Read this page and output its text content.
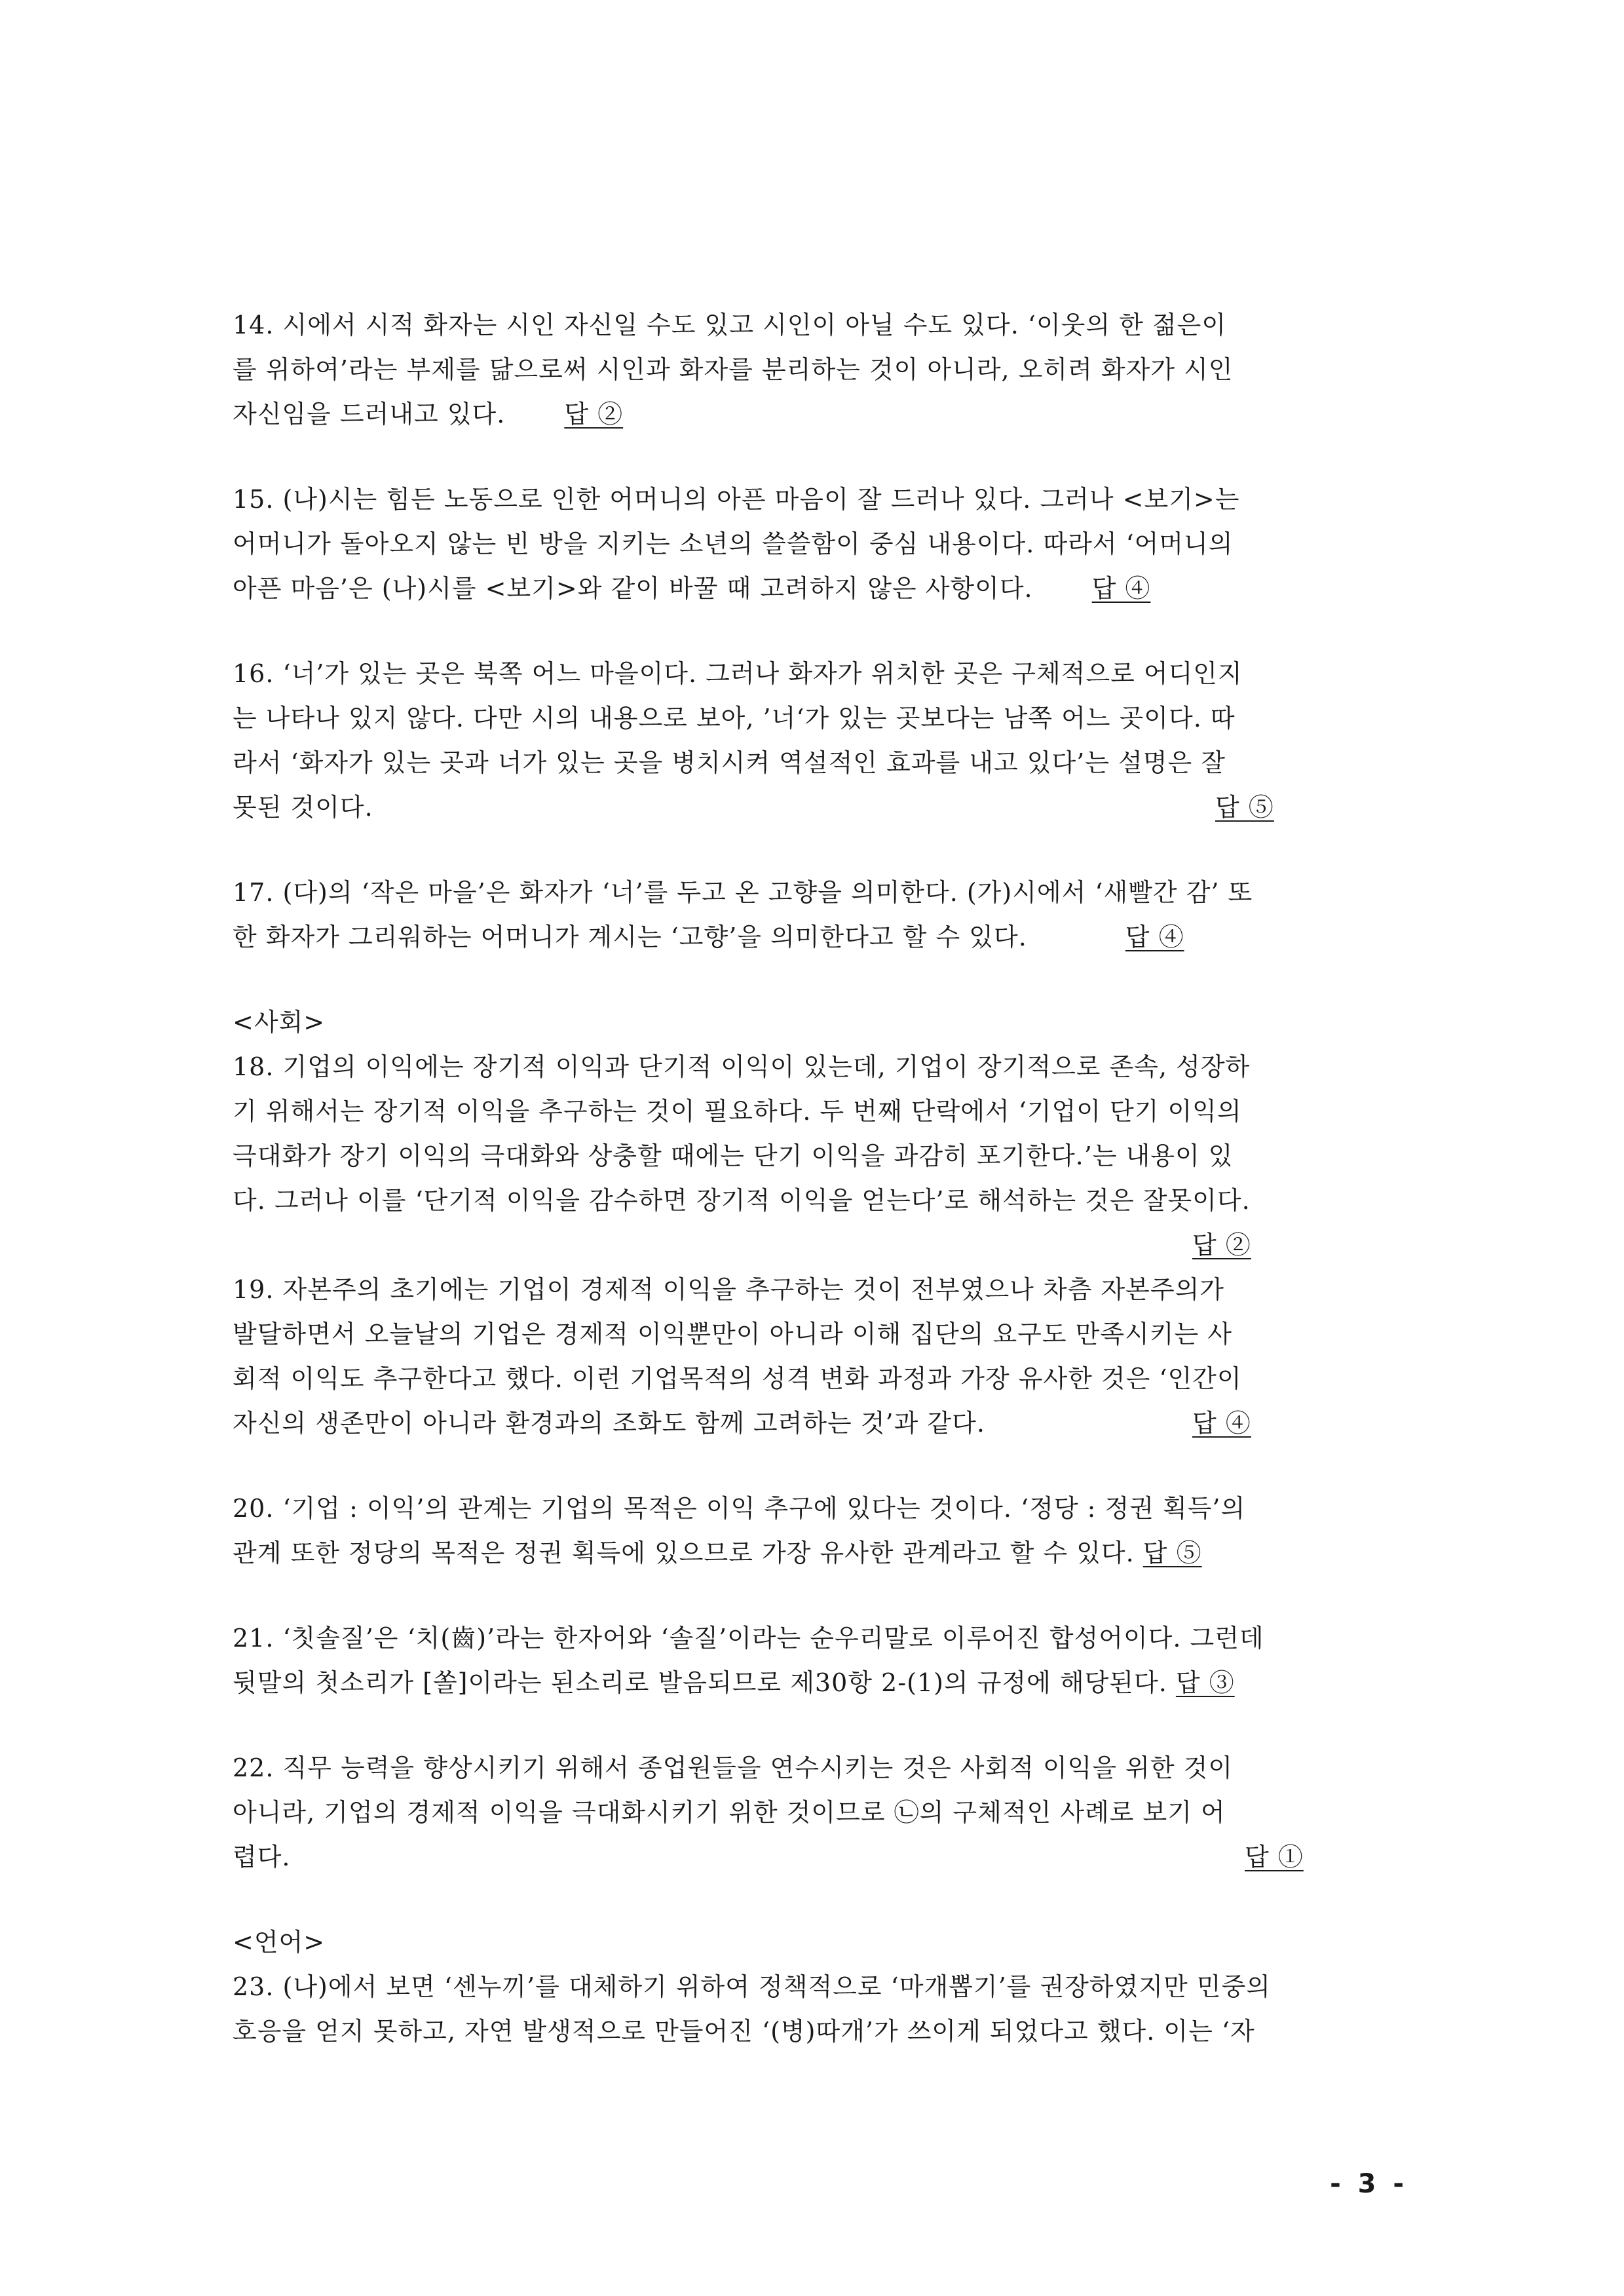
14. 시에서 시적 화자는 시인 자신일 수도 있고 시인이 아닐 수도 있다. ‘이웃의 한 젊은이
를 위하여’라는 부제를 닮으로써 시인과 화자를 분리하는 것이 아니라, 오히려 화자가 시인
자신임을 드러내고 있다. 답 ②
15. (나)시는 힘든 노동으로 인한 어머니의 아픈 마음이 잘 드러나 있다. 그러나 <보기>는
어머니가 돌아오지 않는 빈 방을 지키는 소년의 쓸쓸함이 중심 내용이다. 따라서 ‘어머니의
아픈 마음’은 (나)시를 <보기>와 같이 바꿀 때 고려하지 않은 사항이다. 답 ④
16. ‘너’가 있는 곳은 북쪽 어느 마을이다. 그러나 화자가 위치한 곳은 구체적으로 어디인지
는 나타나 있지 않다. 다만 시의 내용으로 보아, ’너‘가 있는 곳보다는 남쪽 어느 곳이다. 따
라서 ‘화자가 있는 곳과 너가 있는 곳을 병치시켜 역설적인 효과를 내고 있다’는 설명은 잘
못된 것이다.	답 ⑤
17. (다)의 ‘작은 마을’은 화자가 ‘너’를 두고 온 고향을 의미한다. (가)시에서 ‘새빨간 감’ 또
한 화자가 그리워하는 어머니가 계시는 ‘고향’을 의미한다고 할 수 있다.	답 ④
<사회>
18. 기업의 이익에는 장기적 이익과 단기적 이익이 있는데, 기업이 장기적으로 존속, 성장하
기 위해서는 장기적 이익을 추구하는 것이 필요하다. 두 번째 단락에서 ‘기업이 단기 이익의
극대화가 장기 이익의 극대화와 상충할 때에는 단기 이익을 과감히 포기한다.’는 내용이 있
다. 그러나 이를 ‘단기적 이익을 감수하면 장기적 이익을 얻는다’로 해석하는 것은 잘못이다.
답 ②
19. 자본주의 초기에는 기업이 경제적 이익을 추구하는 것이 전부였으나 차츰 자본주의가
발달하면서 오늘날의 기업은 경제적 이익뿐만이 아니라 이해 집단의 요구도 만족시키는 사
회적 이익도 추구한다고 했다. 이런 기업목적의 성격 변화 과정과 가장 유사한 것은 ‘인간이
자신의 생존만이 아니라 환경과의 조화도 함께 고려하는 것’과 같다.	답 ④
20. ‘기업 : 이익’의 관계는 기업의 목적은 이익 추구에 있다는 것이다. ‘정당 : 정권 획득’의
관계 또한 정당의 목적은 정권 획득에 있으므로 가장 유사한 관계라고 할 수 있다. 답 ⑤
21. ‘칫솔질’은 ‘치(齒)’라는 한자어와 ‘솔질’이라는 순우리말로 이루어진 합성어이다. 그런데
뒷말의 첫소리가 [쏠]이라는 된소리로 발음되므로 제30항 2-(1)의 규정에 해당된다. 답 ③
22. 직무 능력을 향상시키기 위해서 종업원들을 연수시키는 것은 사회적 이익을 위한 것이
아니라, 기업의 경제적 이익을 극대화시키기 위한 것이므로 ㉡의 구체적인 사례로 보기 어
렵다.	답 ①
<언어>
23. (나)에서 보면 ‘센누끼’를 대체하기 위하여 정책적으로 ‘마개뽑기’를 권장하였지만 민중의
호응을 얻지 못하고, 자연 발생적으로 만들어진 ‘(병)따개’가 쓰이게 되었다고 했다. 이는 ‘자
- 3 -
